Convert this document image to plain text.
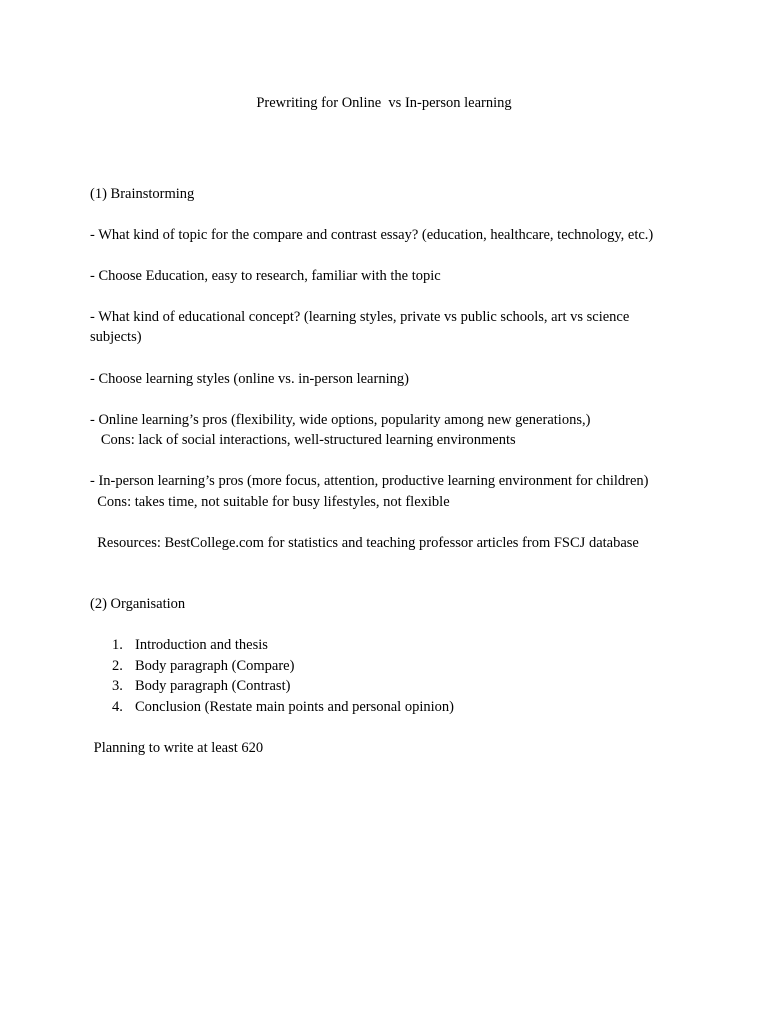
Prewriting for Online  vs In-person learning
(1) Brainstorming
- What kind of topic for the compare and contrast essay? (education, healthcare, technology, etc.)
- Choose Education, easy to research, familiar with the topic
- What kind of educational concept? (learning styles, private vs public schools, art vs science
subjects)
- Choose learning styles (online vs. in-person learning)
- Online learning’s pros (flexibility, wide options, popularity among new generations,)
Cons: lack of social interactions, well-structured learning environments
- In-person learning’s pros (more focus, attention, productive learning environment for children)
Cons: takes time, not suitable for busy lifestyles, not flexible
Resources: BestCollege.com for statistics and teaching professor articles from FSCJ database
(2) Organisation
1. Introduction and thesis
2. Body paragraph (Compare)
3. Body paragraph (Contrast)
4. Conclusion (Restate main points and personal opinion)
Planning to write at least 620
